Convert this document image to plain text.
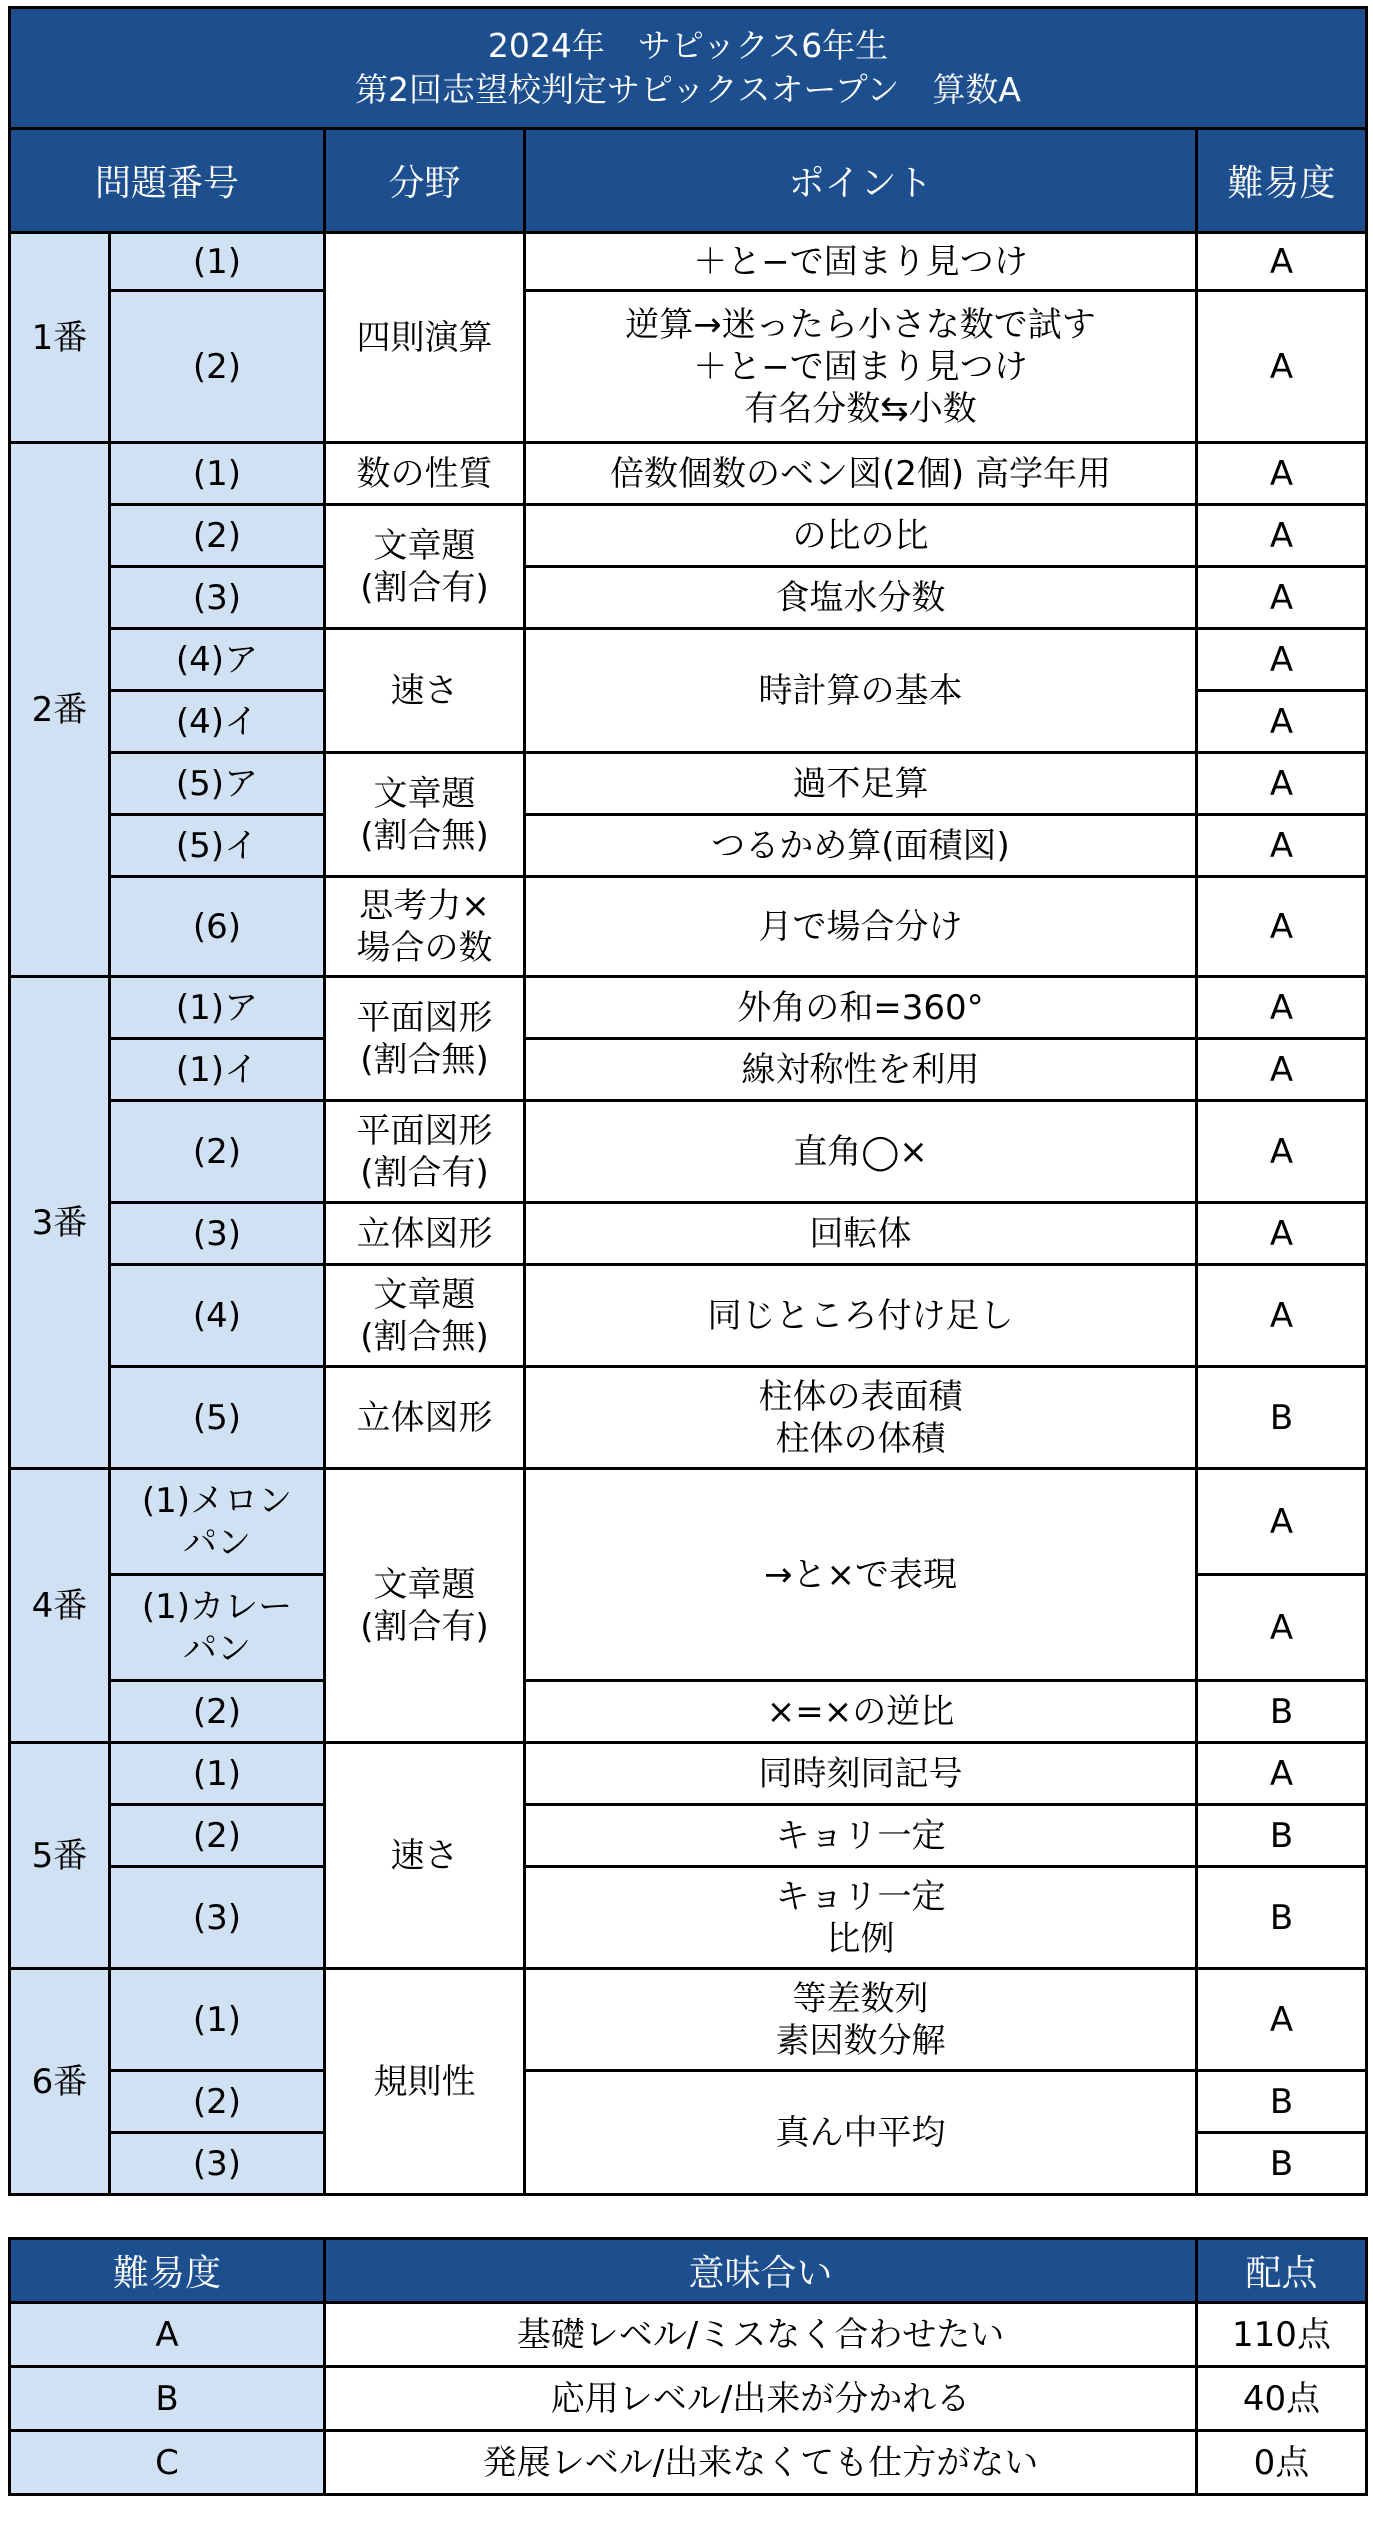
2024年　サピックス6年生
第2回志望校判定サピックスオープン　算数A				

問題番号		分野	ポイント	難易度
1番	(1)	四則演算	＋と−で固まり見つけ	A
	(2)		逆算→迷ったら小さな数で試す
＋と−で固まり見つけ
有名分数⇆小数	A
2番	(1)	数の性質	倍数個数のベン図(2個) 高学年用	A
	(2)	文章題
(割合有)	の比の比	A
	(3)		食塩水分数	A
	(4)ア	速さ	時計算の基本	A
	(4)イ			A
	(5)ア	文章題
(割合無)	過不足算	A
	(5)イ		つるかめ算(面積図)	A
	(6)	思考力×
場合の数	月で場合分け	A
3番	(1)ア	平面図形
(割合無)	外角の和=360°	A
	(1)イ		線対称性を利用	A
	(2)	平面図形
(割合有)	直角◯×	A
	(3)	立体図形	回転体	A
	(4)	文章題
(割合無)	同じところ付け足し	A
	(5)	立体図形	柱体の表面積
柱体の体積	B
4番	(1)メロン
パン	文章題
(割合有)	→と×で表現	A

	(1)カレー
パン			A
	(2)		×=×の逆比	B
5番	(1)	速さ	同時刻同記号	A
	(2)		キョリ一定	B
	(3)		キョリ一定
比例	B
6番	(1)	規則性	等差数列
素因数分解	A
	(2)		真ん中平均	B
	(3)			B
難易度	意味合い	配点
A	基礎レベル/ミスなく合わせたい	110点
B	応用レベル/出来が分かれる	40点
C	発展レベル/出来なくても仕方がない	0点
